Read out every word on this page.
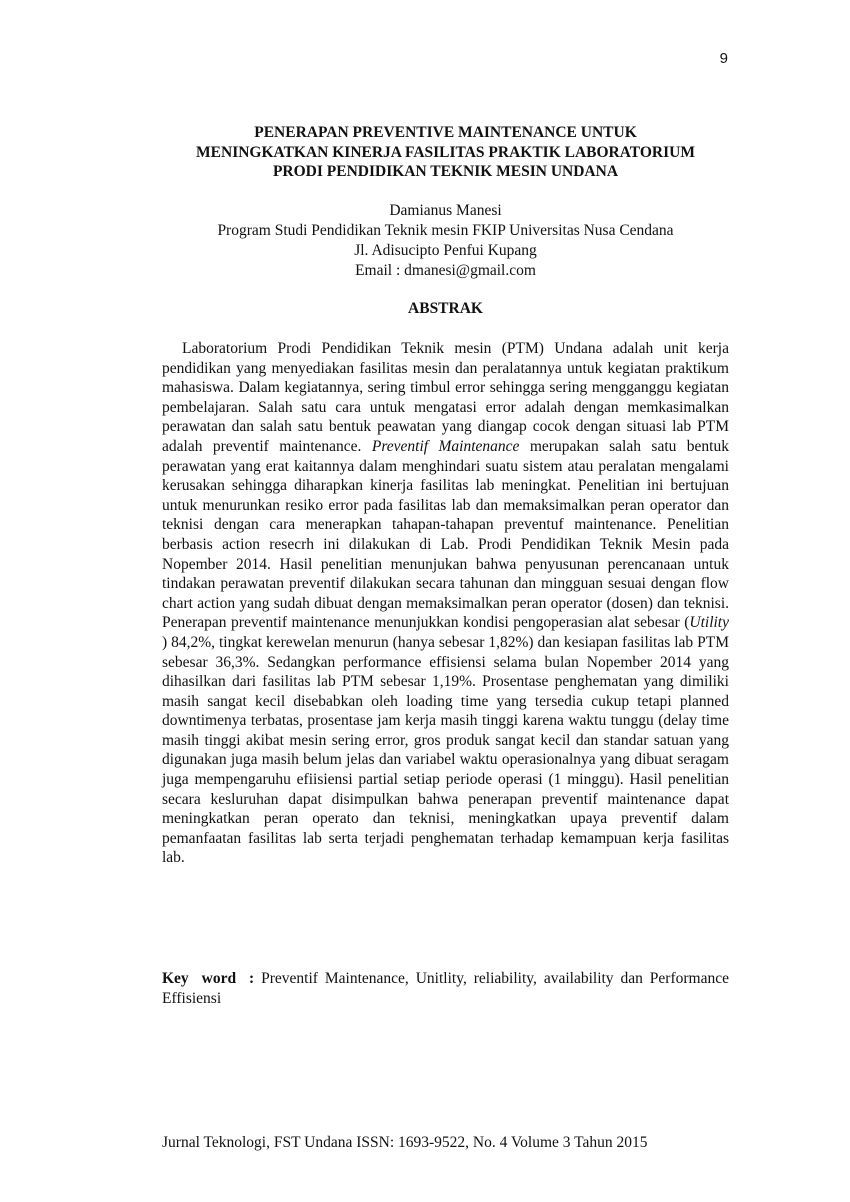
9
PENERAPAN PREVENTIVE MAINTENANCE UNTUK
MENINGKATKAN KINERJA FASILITAS PRAKTIK LABORATORIUM
PRODI PENDIDIKAN TEKNIK MESIN UNDANA
Damianus Manesi
Program Studi Pendidikan Teknik mesin FKIP Universitas Nusa Cendana
Jl. Adisucipto Penfui Kupang
Email : dmanesi@gmail.com
ABSTRAK

Laboratorium Prodi Pendidikan Teknik mesin (PTM) Undana adalah unit kerja pendidikan yang menyediakan fasilitas mesin dan peralatannya untuk kegiatan praktikum mahasiswa. Dalam kegiatannya, sering timbul error sehingga sering mengganggu kegiatan pembelajaran. Salah satu cara untuk mengatasi error adalah dengan memkasimalkan perawatan dan salah satu bentuk peawatan yang diangap cocok dengan situasi lab PTM adalah preventif maintenance. Preventif Maintenance merupakan salah satu bentuk perawatan yang erat kaitannya dalam menghindari suatu sistem atau peralatan mengalami kerusakan sehingga diharapkan kinerja fasilitas lab meningkat. Penelitian ini bertujuan untuk menurunkan resiko error pada fasilitas lab dan memaksimalkan peran operator dan teknisi dengan cara menerapkan tahapan-tahapan preventuf maintenance. Penelitian berbasis action resecrh ini dilakukan di Lab. Prodi Pendidikan Teknik Mesin pada Nopember 2014. Hasil penelitian menunjukan bahwa penyusunan perencanaan untuk tindakan perawatan preventif dilakukan secara tahunan dan mingguan sesuai dengan flow chart action yang sudah dibuat dengan memaksimalkan peran operator (dosen) dan teknisi. Penerapan preventif maintenance menunjukkan kondisi pengoperasian alat sebesar (Utility ) 84,2%, tingkat kerewelan menurun (hanya sebesar 1,82%) dan kesiapan fasilitas lab PTM sebesar 36,3%. Sedangkan performance effisiensi selama bulan Nopember 2014 yang dihasilkan dari fasilitas lab PTM sebesar 1,19%. Prosentase penghematan yang dimiliki masih sangat kecil disebabkan oleh loading time yang tersedia cukup tetapi planned downtimenya terbatas, prosentase jam kerja masih tinggi karena waktu tunggu (delay time masih tinggi akibat mesin sering error, gros produk sangat kecil dan standar satuan yang digunakan juga masih belum jelas dan variabel waktu operasionalnya yang dibuat seragam juga mempengaruhu efiisiensi partial setiap periode operasi (1 minggu). Hasil penelitian secara kesluruhan dapat disimpulkan bahwa penerapan preventif maintenance dapat meningkatkan peran operato dan teknisi, meningkatkan upaya preventif dalam pemanfaatan fasilitas lab serta terjadi penghematan terhadap kemampuan kerja fasilitas lab.

Key word : Preventif Maintenance, Unitlity, reliability, availability dan Performance Effisiensi

Jurnal Teknologi, FST Undana ISSN: 1693-9522, No. 4 Volume 3 Tahun 2015
